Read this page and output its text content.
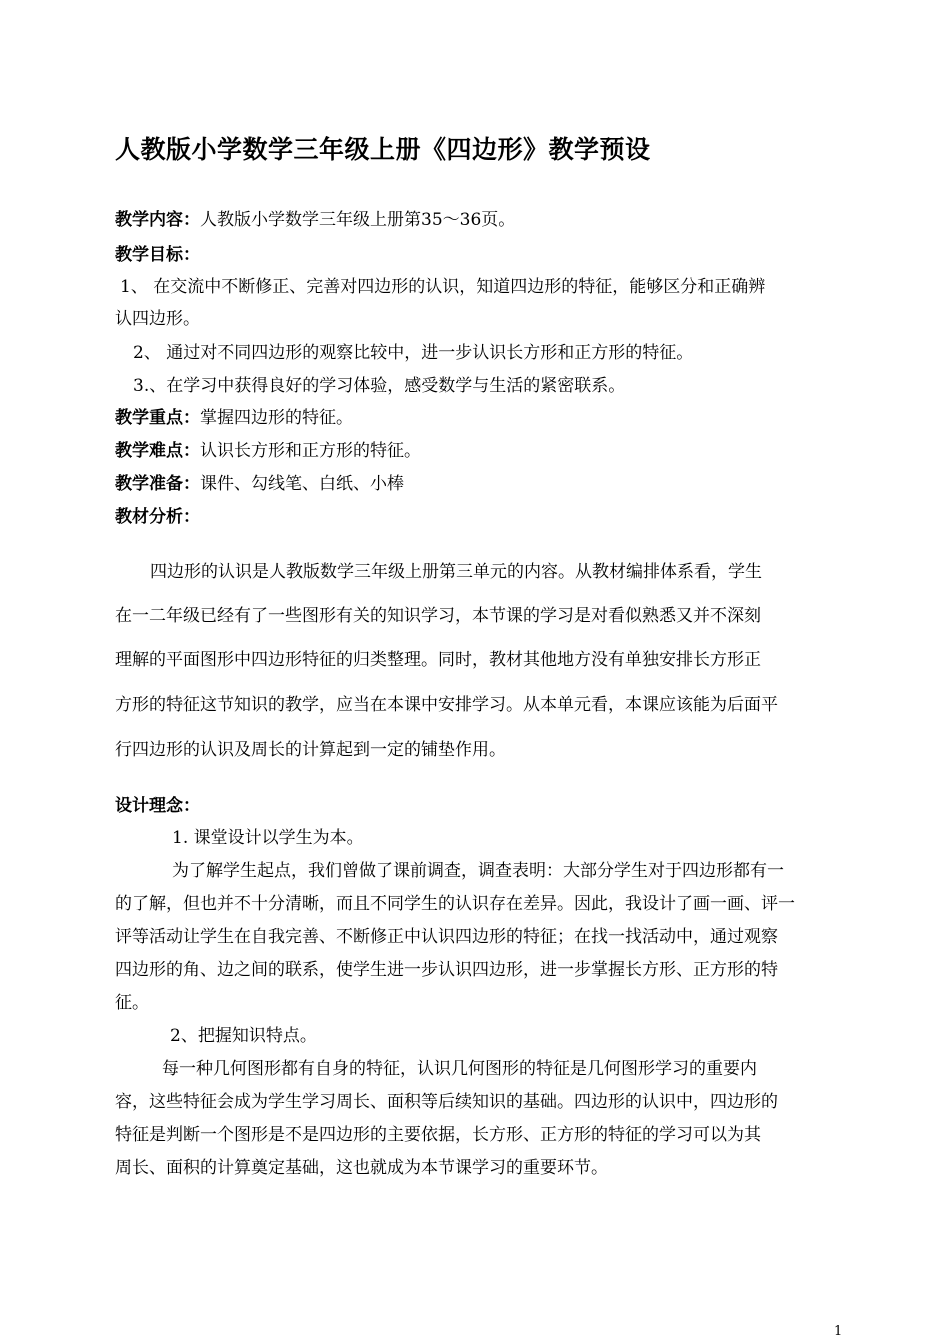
人教版小学数学三年级上册《四边形》教学预设
教学内容：人教版小学数学三年级上册第35～36页。
教学目标：
1、 在交流中不断修正、完善对四边形的认识，知道四边形的特征，能够区分和正确辨
认四边形。
2、 通过对不同四边形的观察比较中，进一步认识长方形和正方形的特征。
3.、在学习中获得良好的学习体验，感受数学与生活的紧密联系。
教学重点：掌握四边形的特征。
教学难点：认识长方形和正方形的特征。
教学准备：课件、勾线笔、白纸、小棒
教材分析：
四边形的认识是人教版数学三年级上册第三单元的内容。从教材编排体系看，学生
在一二年级已经有了一些图形有关的知识学习，本节课的学习是对看似熟悉又并不深刻
理解的平面图形中四边形特征的归类整理。同时，教材其他地方没有单独安排长方形正
方形的特征这节知识的教学，应当在本课中安排学习。从本单元看，本课应该能为后面平
行四边形的认识及周长的计算起到一定的铺垫作用。
设计理念：
1. 课堂设计以学生为本。
为了解学生起点，我们曾做了课前调查，调查表明：大部分学生对于四边形都有一
的了解，但也并不十分清晰，而且不同学生的认识存在差异。因此，我设计了画一画、评一
评等活动让学生在自我完善、不断修正中认识四边形的特征；在找一找活动中，通过观察
四边形的角、边之间的联系，使学生进一步认识四边形，进一步掌握长方形、正方形的特
征。
2、把握知识特点。
每一种几何图形都有自身的特征，认识几何图形的特征是几何图形学习的重要内
容，这些特征会成为学生学习周长、面积等后续知识的基础。四边形的认识中，四边形的
特征是判断一个图形是不是四边形的主要依据，长方形、正方形的特征的学习可以为其
周长、面积的计算奠定基础，这也就成为本节课学习的重要环节。
1
